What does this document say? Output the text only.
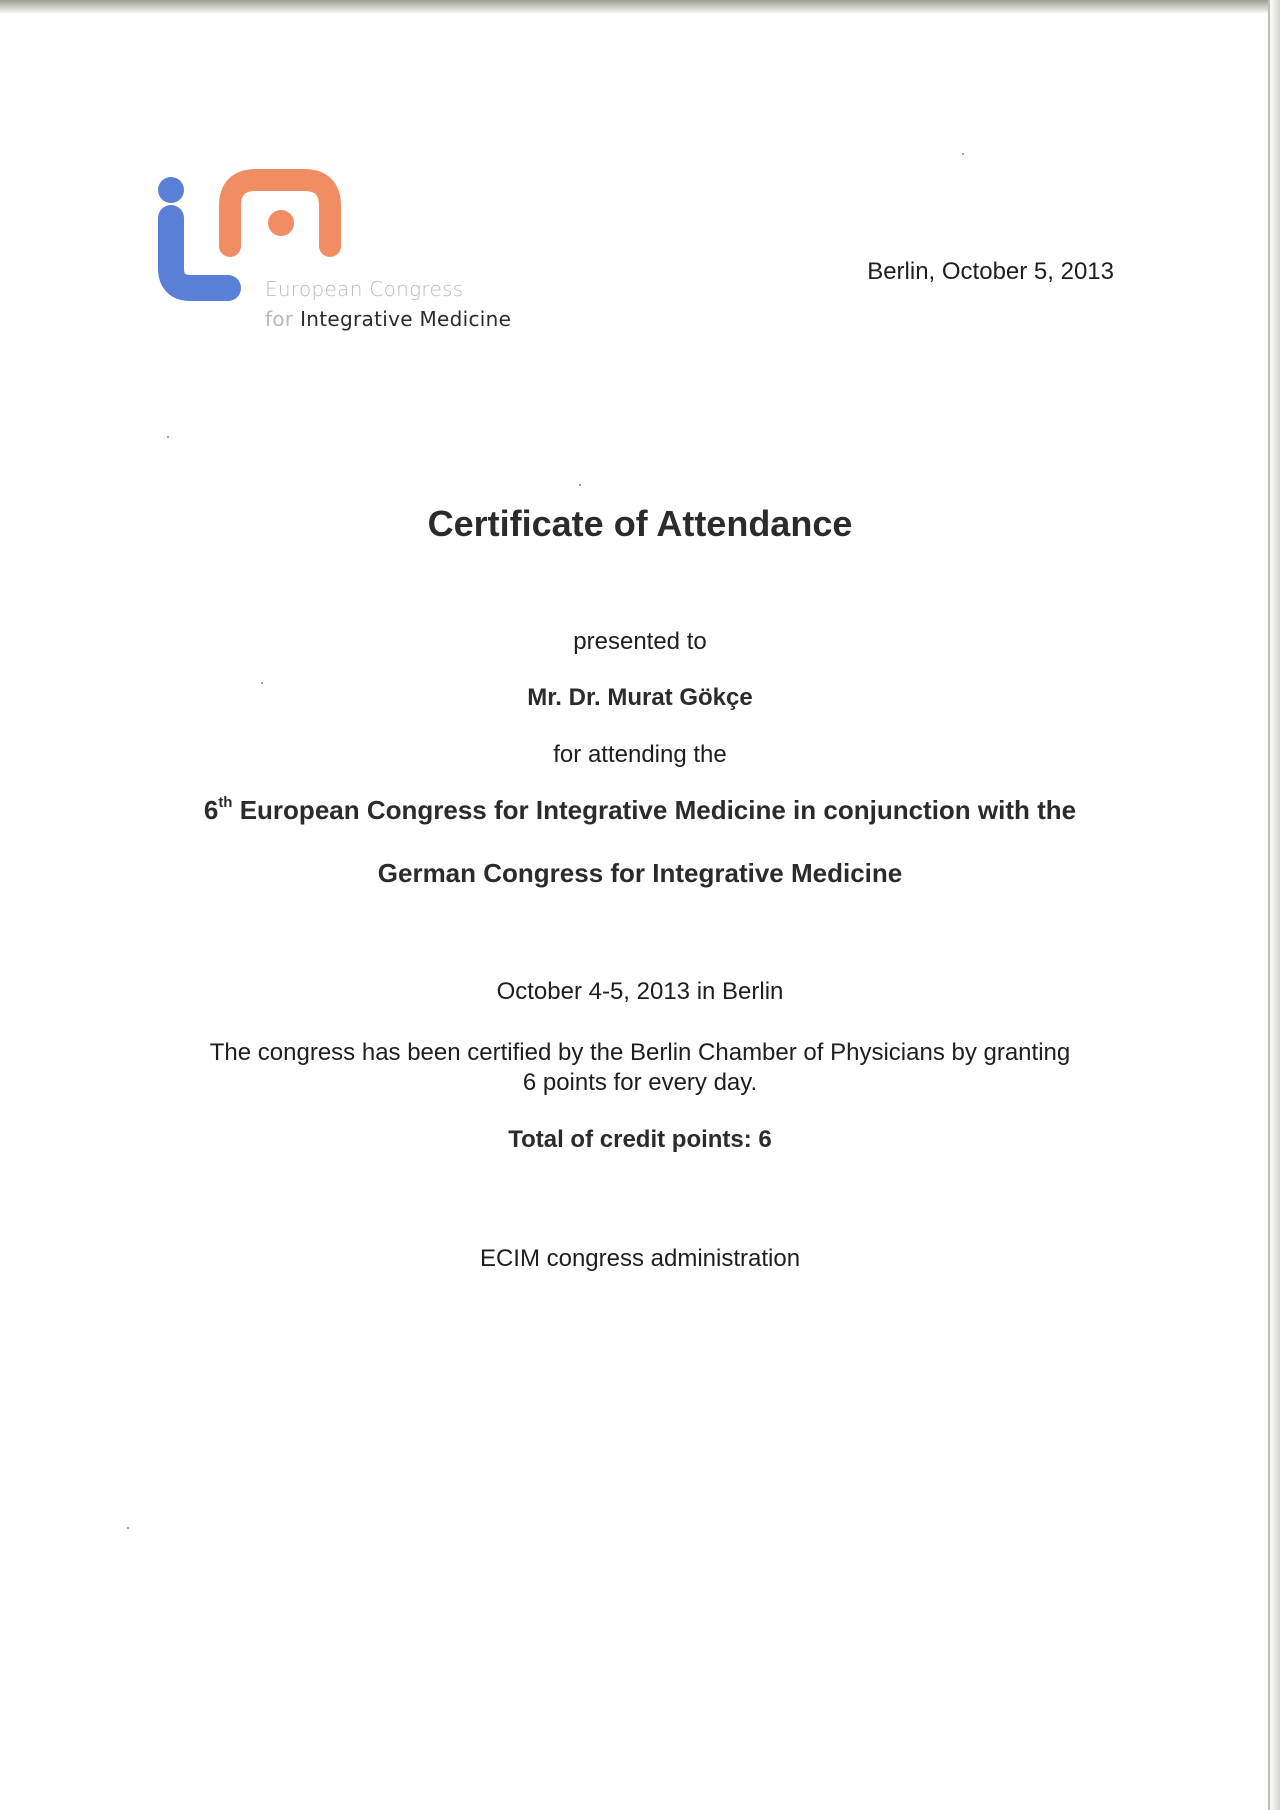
European Congress
for Integrative Medicine
Berlin, October 5, 2013
Certificate of Attendance

presented to

Mr. Dr. Murat Gökçe

for attending the

6th European Congress for Integrative Medicine in conjunction with the

German Congress for Integrative Medicine

October 4-5, 2013 in Berlin

The congress has been certified by the Berlin Chamber of Physicians by granting
6 points for every day.

Total of credit points: 6

ECIM congress administration
